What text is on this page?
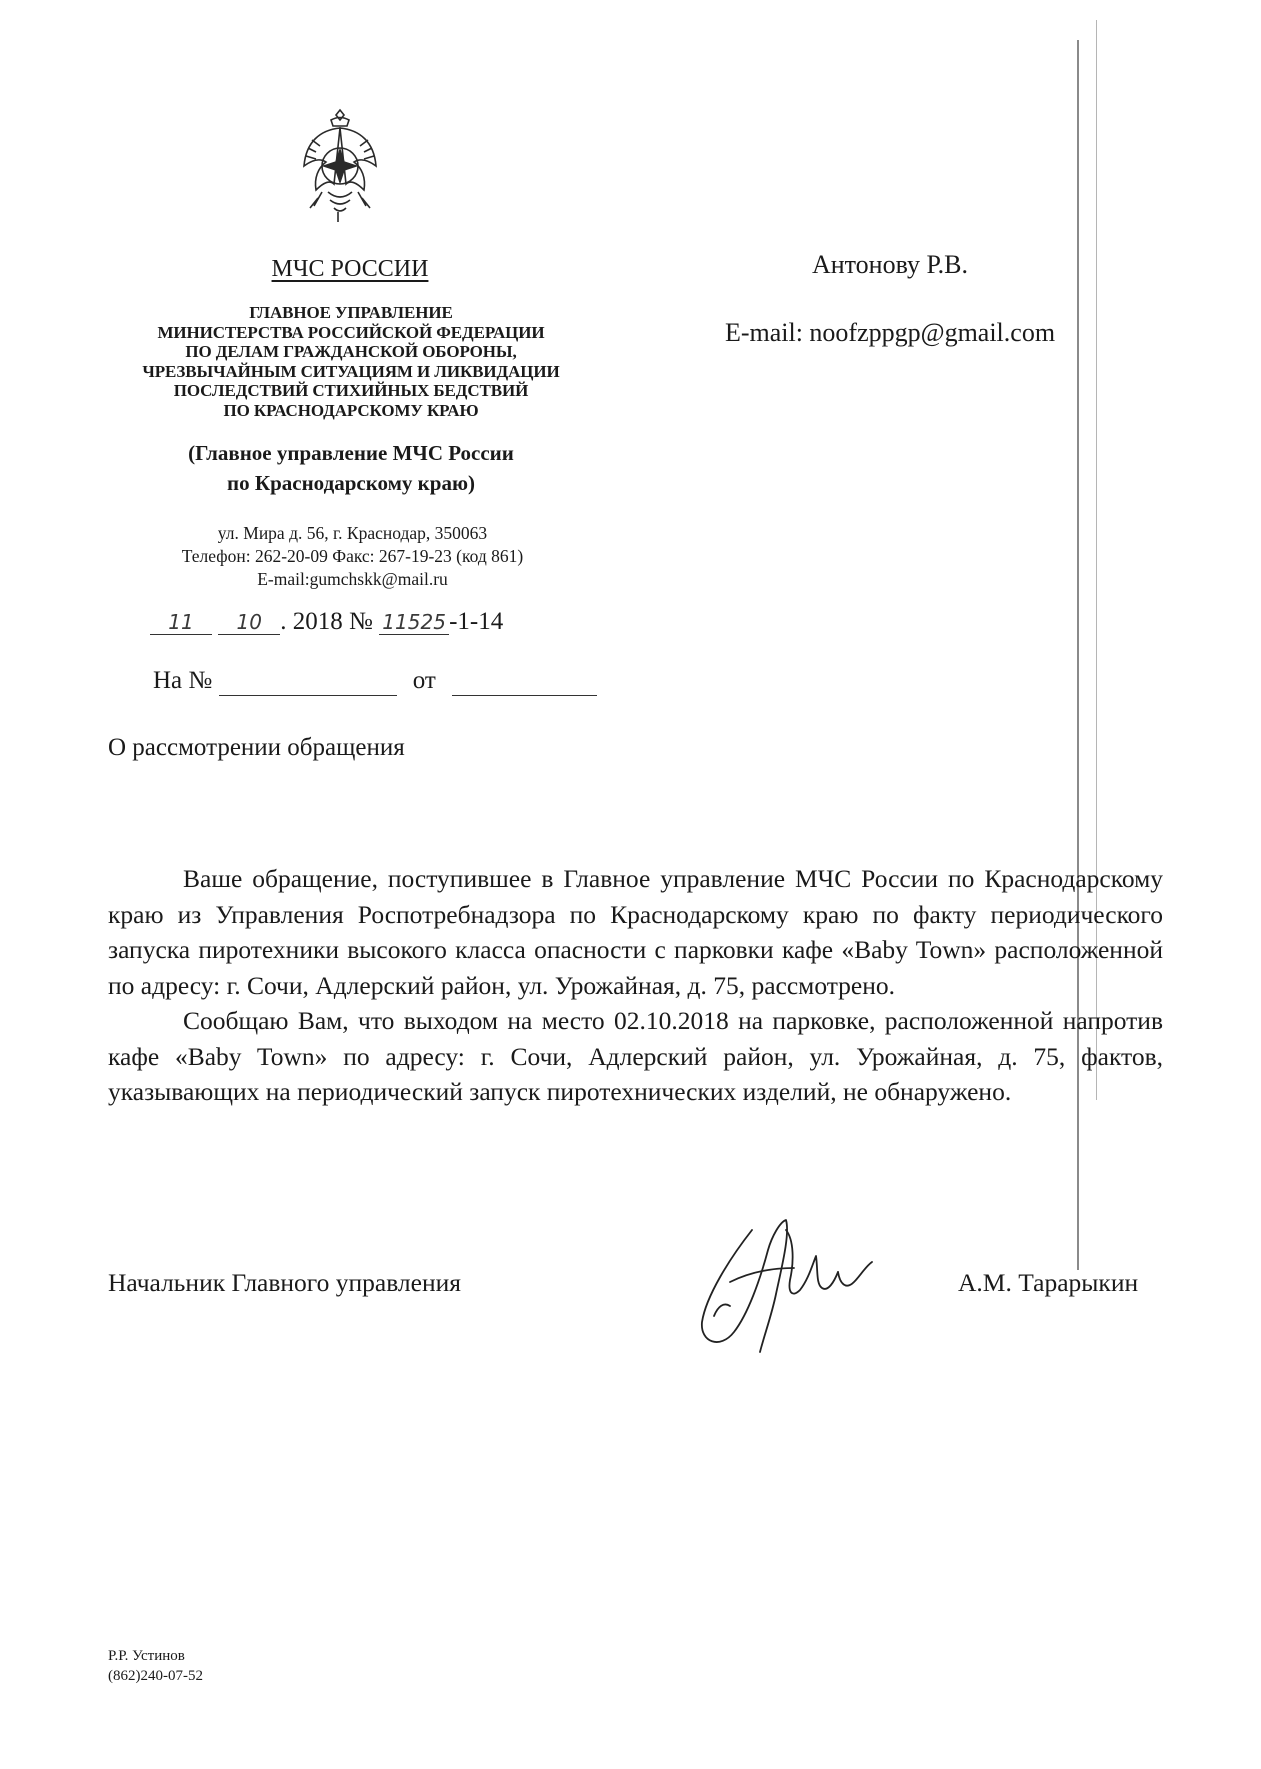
МЧС РОССИИ
ГЛАВНОЕ УПРАВЛЕНИЕ
МИНИСТЕРСТВА РОССИЙСКОЙ ФЕДЕРАЦИИ
ПО ДЕЛАМ ГРАЖДАНСКОЙ ОБОРОНЫ,
ЧРЕЗВЫЧАЙНЫМ СИТУАЦИЯМ И ЛИКВИДАЦИИ
ПОСЛЕДСТВИЙ СТИХИЙНЫХ БЕДСТВИЙ
ПО КРАСНОДАРСКОМУ КРАЮ
(Главное управление МЧС России
по Краснодарскому краю)
ул. Мира д. 56, г. Краснодар, 350063
Телефон: 262-20-09 Факс: 267-19-23 (код 861)
E-mail:gumchskk@mail.ru
11 10 . 2018 № 11525 -1-14
На №	от
Антонову Р.В.
E-mail: noofzppgp@gmail.com
О рассмотрении обращения

Ваше обращение, поступившее в Главное управление МЧС России по Краснодарскому краю из Управления Роспотребнадзора по Краснодарскому краю по факту периодического запуска пиротехники высокого класса опасности с парковки кафе «Baby Town» расположенной по адресу: г. Сочи, Адлерский район, ул. Урожайная, д. 75, рассмотрено.

Сообщаю Вам, что выходом на место 02.10.2018 на парковке, расположенной напротив кафе «Baby Town» по адресу: г. Сочи, Адлерский район, ул. Урожайная, д. 75, фактов, указывающих на периодический запуск пиротехнических изделий, не обнаружено.

Начальник Главного управления	А.М. Тарарыкин
Р.Р. Устинов
(862)240-07-52
